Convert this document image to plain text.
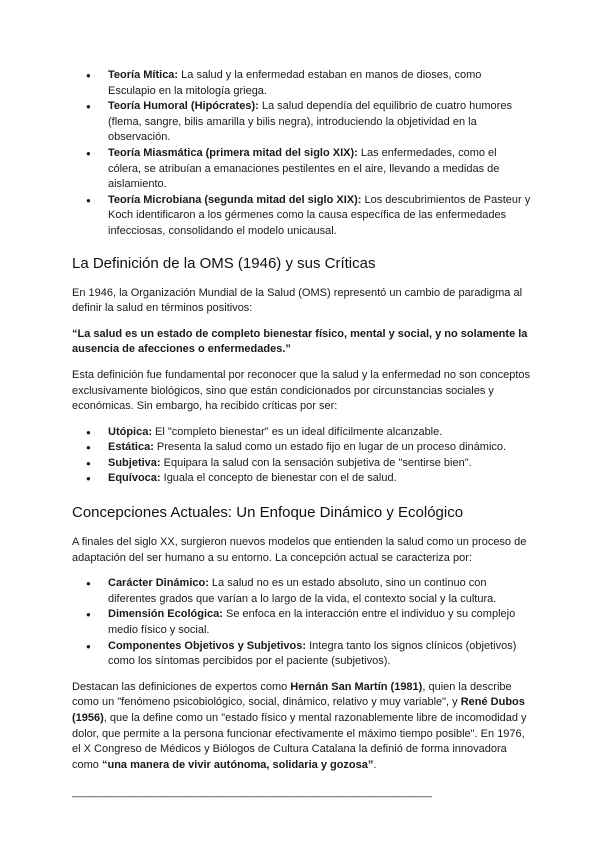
● Teoría Mítica: La salud y la enfermedad estaban en manos de dioses, como Esculapio en la mitología griega.
● Teoría Humoral (Hipócrates): La salud dependía del equilibrio de cuatro humores (flema, sangre, bilis amarilla y bilis negra), introduciendo la objetividad en la observación.
● Teoría Miasmática (primera mitad del siglo XIX): Las enfermedades, como el cólera, se atribuían a emanaciones pestilentes en el aire, llevando a medidas de aislamiento.
● Teoría Microbiana (segunda mitad del siglo XIX): Los descubrimientos de Pasteur y Koch identificaron a los gérmenes como la causa específica de las enfermedades infecciosas, consolidando el modelo unicausal.
La Definición de la OMS (1946) y sus Críticas

En 1946, la Organización Mundial de la Salud (OMS) representó un cambio de paradigma al definir la salud en términos positivos:

“La salud es un estado de completo bienestar físico, mental y social, y no solamente la ausencia de afecciones o enfermedades.”

Esta definición fue fundamental por reconocer que la salud y la enfermedad no son conceptos exclusivamente biológicos, sino que están condicionados por circunstancias sociales y económicas. Sin embargo, ha recibido críticas por ser:

● Utópica: El "completo bienestar" es un ideal difícilmente alcanzable.
● Estática: Presenta la salud como un estado fijo en lugar de un proceso dinámico.
● Subjetiva: Equipara la salud con la sensación subjetiva de "sentirse bien".
● Equívoca: Iguala el concepto de bienestar con el de salud.
Concepciones Actuales: Un Enfoque Dinámico y Ecológico

A finales del siglo XX, surgieron nuevos modelos que entienden la salud como un proceso de adaptación del ser humano a su entorno. La concepción actual se caracteriza por:

● Carácter Dinámico: La salud no es un estado absoluto, sino un continuo con diferentes grados que varían a lo largo de la vida, el contexto social y la cultura.
● Dimensión Ecológica: Se enfoca en la interacción entre el individuo y su complejo medio físico y social.
● Componentes Objetivos y Subjetivos: Integra tanto los signos clínicos (objetivos) como los síntomas percibidos por el paciente (subjetivos).

Destacan las definiciones de expertos como Hernán San Martín (1981), quien la describe como un "fenómeno psicobiológico, social, dinámico, relativo y muy variable", y René Dubos (1956), que la define como un "estado físico y mental razonablemente libre de incomodidad y dolor, que permite a la persona funcionar efectivamente el máximo tiempo posible". En 1976, el X Congreso de Médicos y Biólogos de Cultura Catalana la definió de forma innovadora como “una manera de vivir autónoma, solidaria y gozosa”.

________________________________________________________________
